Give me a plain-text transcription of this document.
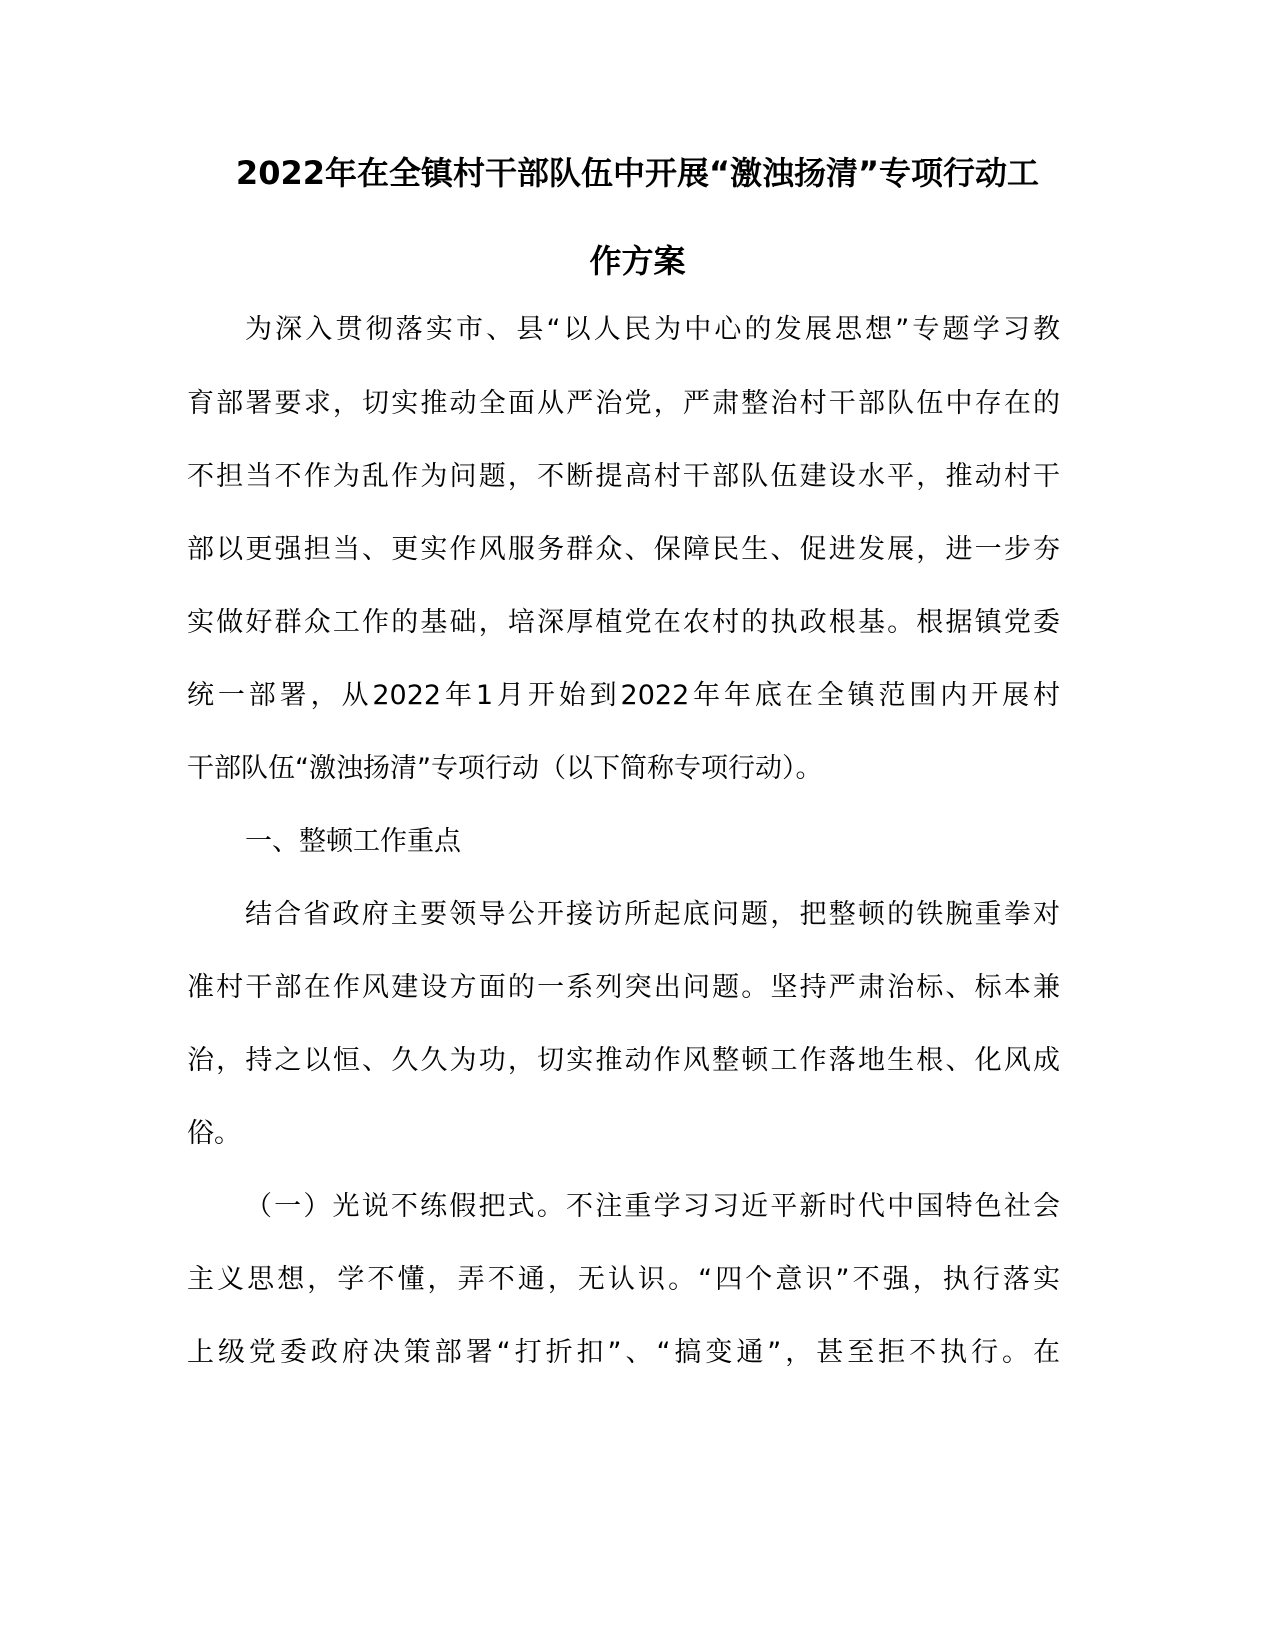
2022年在全镇村干部队伍中开展“激浊扬清”专项行动工
作方案
为深入贯彻落实市、县“以人民为中心的发展思想”专题学习教
育部署要求，切实推动全面从严治党，严肃整治村干部队伍中存在的
不担当不作为乱作为问题，不断提高村干部队伍建设水平，推动村干
部以更强担当、更实作风服务群众、保障民生、促进发展，进一步夯
实做好群众工作的基础，培深厚植党在农村的执政根基。根据镇党委
统一部署，从2022年1月开始到2022年年底在全镇范围内开展村
干部队伍“激浊扬清”专项行动（以下简称专项行动）。
一、整顿工作重点
结合省政府主要领导公开接访所起底问题，把整顿的铁腕重拳对
准村干部在作风建设方面的一系列突出问题。坚持严肃治标、标本兼
治，持之以恒、久久为功，切实推动作风整顿工作落地生根、化风成
俗。
（一）光说不练假把式。不注重学习习近平新时代中国特色社会
主义思想，学不懂，弄不通，无认识。“四个意识”不强，执行落实
上级党委政府决策部署“打折扣”、“搞变通”，甚至拒不执行。在
